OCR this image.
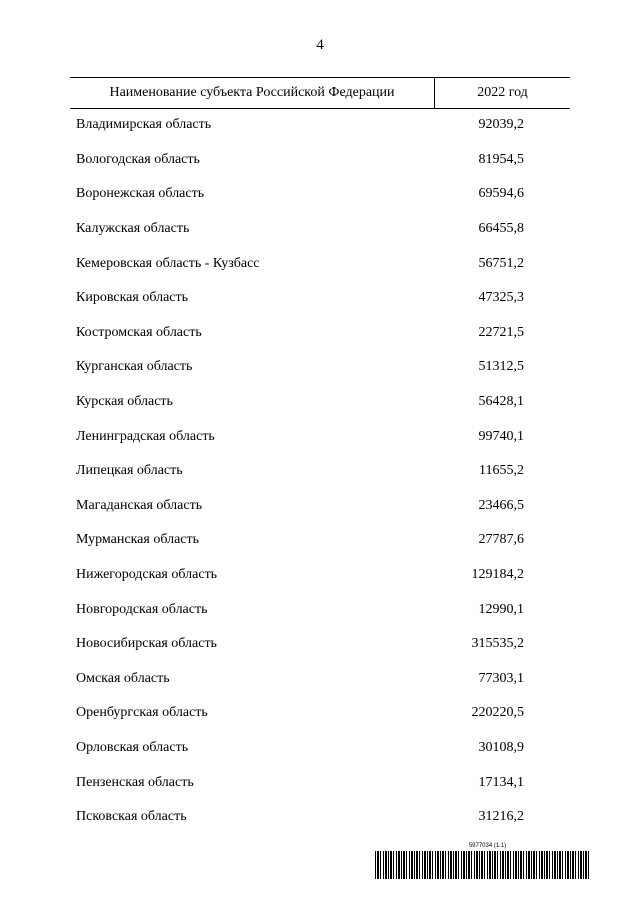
4
Наименование субъекта Российской Федерации	2022 год
Владимирская область	92039,2
Вологодская область	81954,5
Воронежская область	69594,6
Калужская область	66455,8
Кемеровская область - Кузбасс	56751,2
Кировская область	47325,3
Костромская область	22721,5
Курганская область	51312,5
Курская область	56428,1
Ленинградская область	99740,1
Липецкая область	11655,2
Магаданская область	23466,5
Мурманская область	27787,6
Нижегородская область	129184,2
Новгородская область	12990,1
Новосибирская область	315535,2
Омская область	77303,1
Оренбургская область	220220,5
Орловская область	30108,9
Пензенская область	17134,1
Псковская область	31216,2
5977034 (1.1)
